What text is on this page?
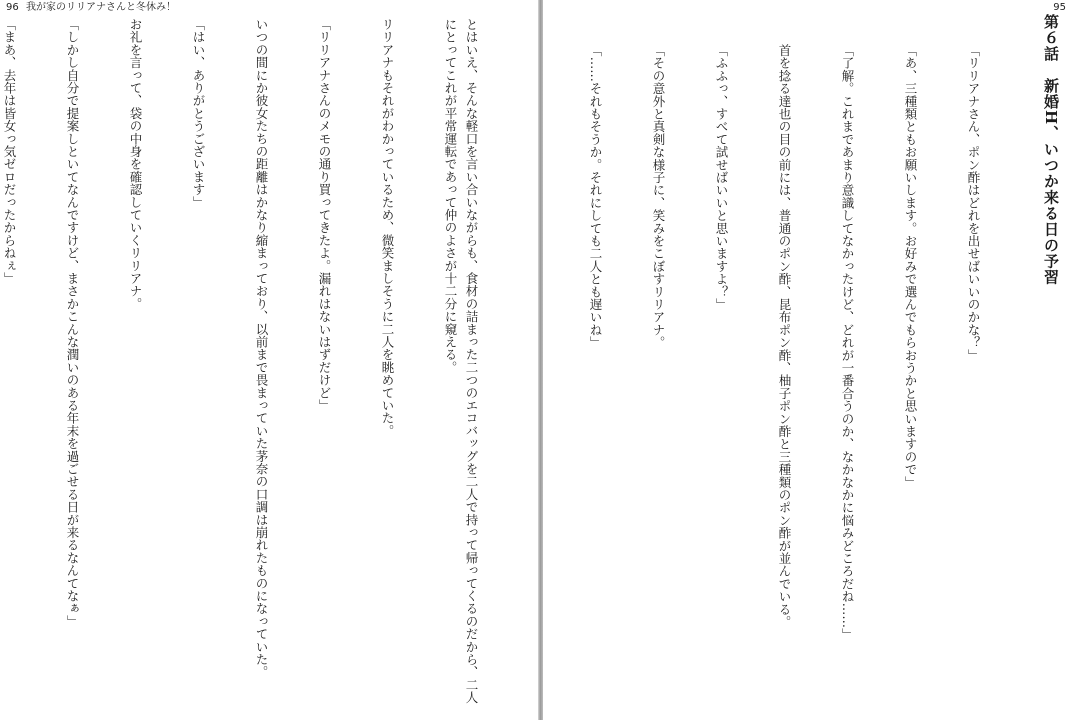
96 我が家のリリアナさんと冬休み！

とはいえ、そんな軽口を言い合いながらも、食材の詰まった二つのエコバッグを二人で持って帰ってくるのだから、二人にとってこれが平常運転であって仲のよさが十二分に窺える。

リリアナもそれがわかっているため、微笑ましそうに二人を眺めていた。

「リリアナさんのメモの通り買ってきたよ。漏れはないはずだけど」

いつの間にか彼女たちの距離はかなり縮まっており、以前まで畏まっていた茅奈の口調は崩れたものになっていた。

「はい、ありがとうございます」

お礼を言って、袋の中身を確認していくリリアナ。

「しかし自分で提案しといてなんですけど、まさかこんな潤いのある年末を過ごせる日が来るなんてなぁ」

「まあ、去年は皆女っ気ゼロだったからねぇ」

95
第６話　新婚H、いつか来る日の予習

「リリアナさん、ポン酢はどれを出せばいいのかな？」

「あ、三種類ともお願いします。お好みで選んでもらおうかと思いますので」

「了解。これまであまり意識してなかったけど、どれが一番合うのか、なかなかに悩みどころだね……」

首を捻る達也の目の前には、普通のポン酢、昆布ポン酢、柚子ポン酢と三種類のポン酢が並んでいる。

「ふふっ、すべて試せばいいと思いますよ？」

「その意外と真剣な様子に、笑みをこぼすリリアナ。

「……それもそうか。それにしても二人とも遅いね」
